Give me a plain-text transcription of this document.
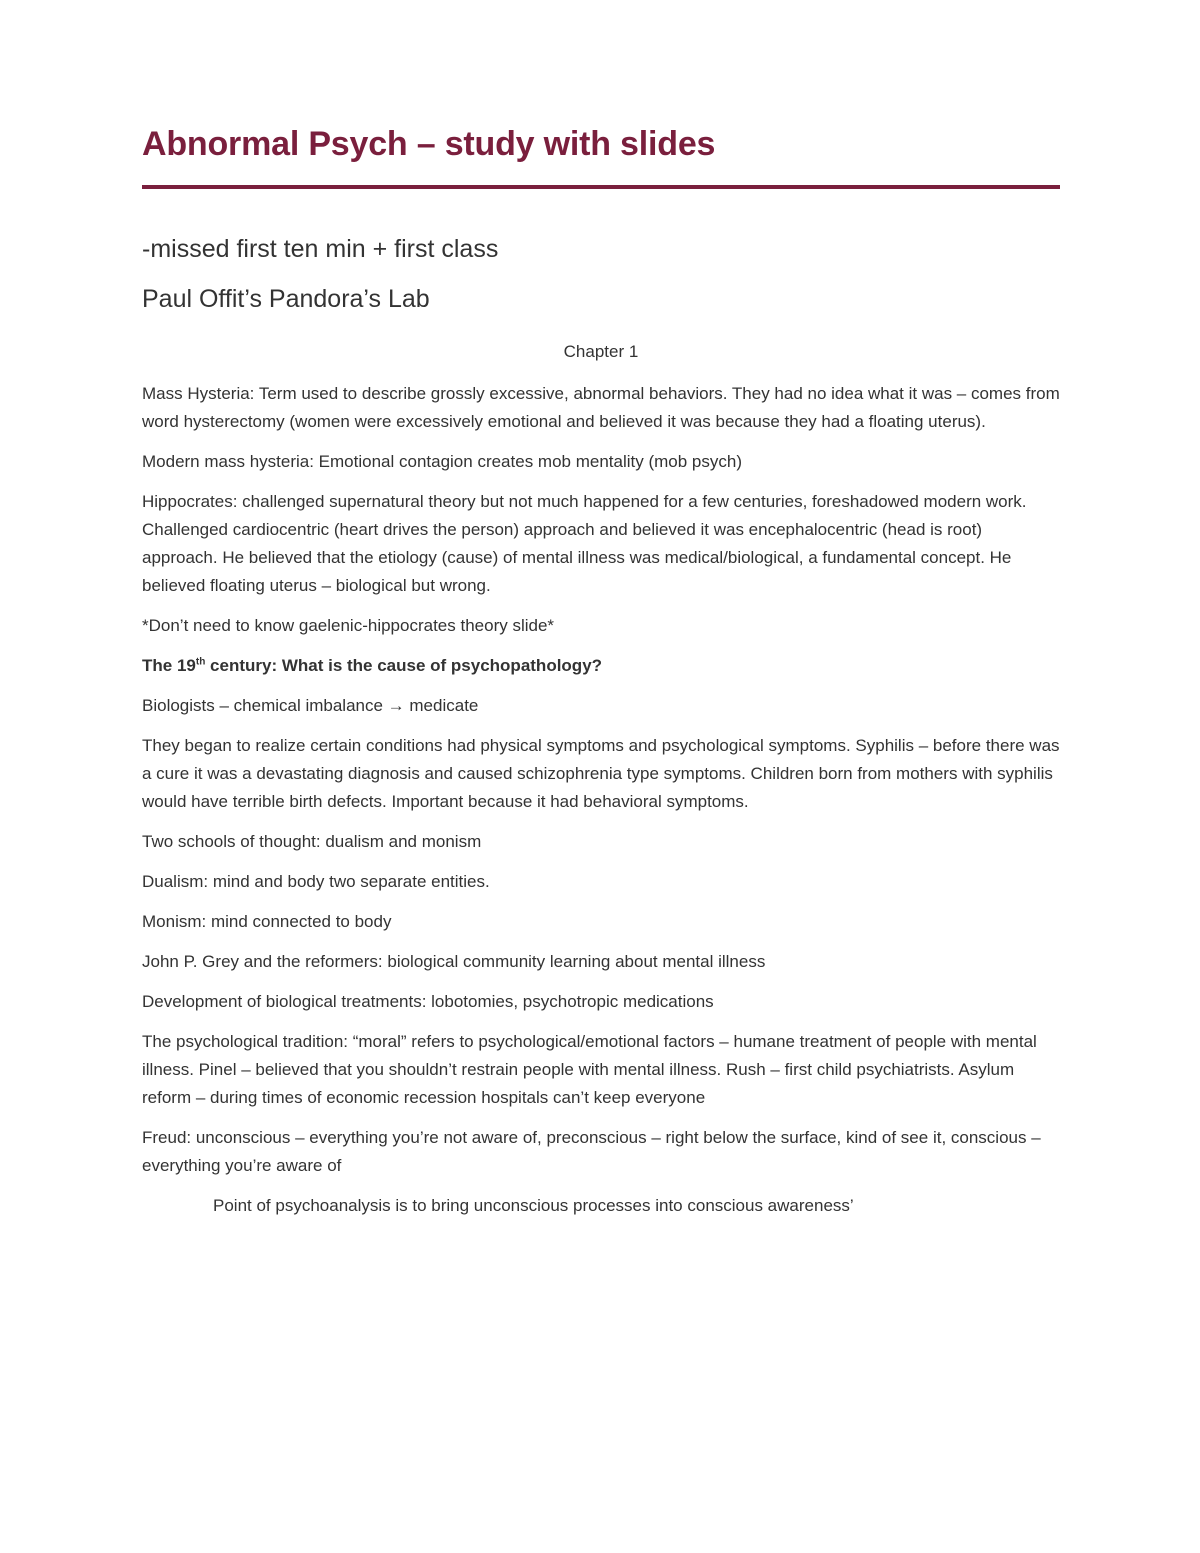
Abnormal Psych – study with slides

-missed first ten min + first class

Paul Offit’s Pandora’s Lab

Chapter 1

Mass Hysteria: Term used to describe grossly excessive, abnormal behaviors. They had no idea what it was – comes from word hysterectomy (women were excessively emotional and believed it was because they had a floating uterus).

Modern mass hysteria: Emotional contagion creates mob mentality (mob psych)

Hippocrates: challenged supernatural theory but not much happened for a few centuries, foreshadowed modern work. Challenged cardiocentric (heart drives the person) approach and believed it was encephalocentric (head is root) approach. He believed that the etiology (cause) of mental illness was medical/biological, a fundamental concept. He believed floating uterus – biological but wrong.

*Don’t need to know gaelenic-hippocrates theory slide*

The 19th century: What is the cause of psychopathology?

Biologists – chemical imbalance → medicate

They began to realize certain conditions had physical symptoms and psychological symptoms. Syphilis – before there was a cure it was a devastating diagnosis and caused schizophrenia type symptoms. Children born from mothers with syphilis would have terrible birth defects. Important because it had behavioral symptoms.

Two schools of thought: dualism and monism

Dualism: mind and body two separate entities.

Monism: mind connected to body

John P. Grey and the reformers: biological community learning about mental illness

Development of biological treatments: lobotomies, psychotropic medications

The psychological tradition: “moral” refers to psychological/emotional factors – humane treatment of people with mental illness. Pinel – believed that you shouldn’t restrain people with mental illness. Rush – first child psychiatrists. Asylum reform – during times of economic recession hospitals can’t keep everyone

Freud: unconscious – everything you’re not aware of, preconscious – right below the surface, kind of see it, conscious – everything you’re aware of

Point of psychoanalysis is to bring unconscious processes into conscious awareness’
